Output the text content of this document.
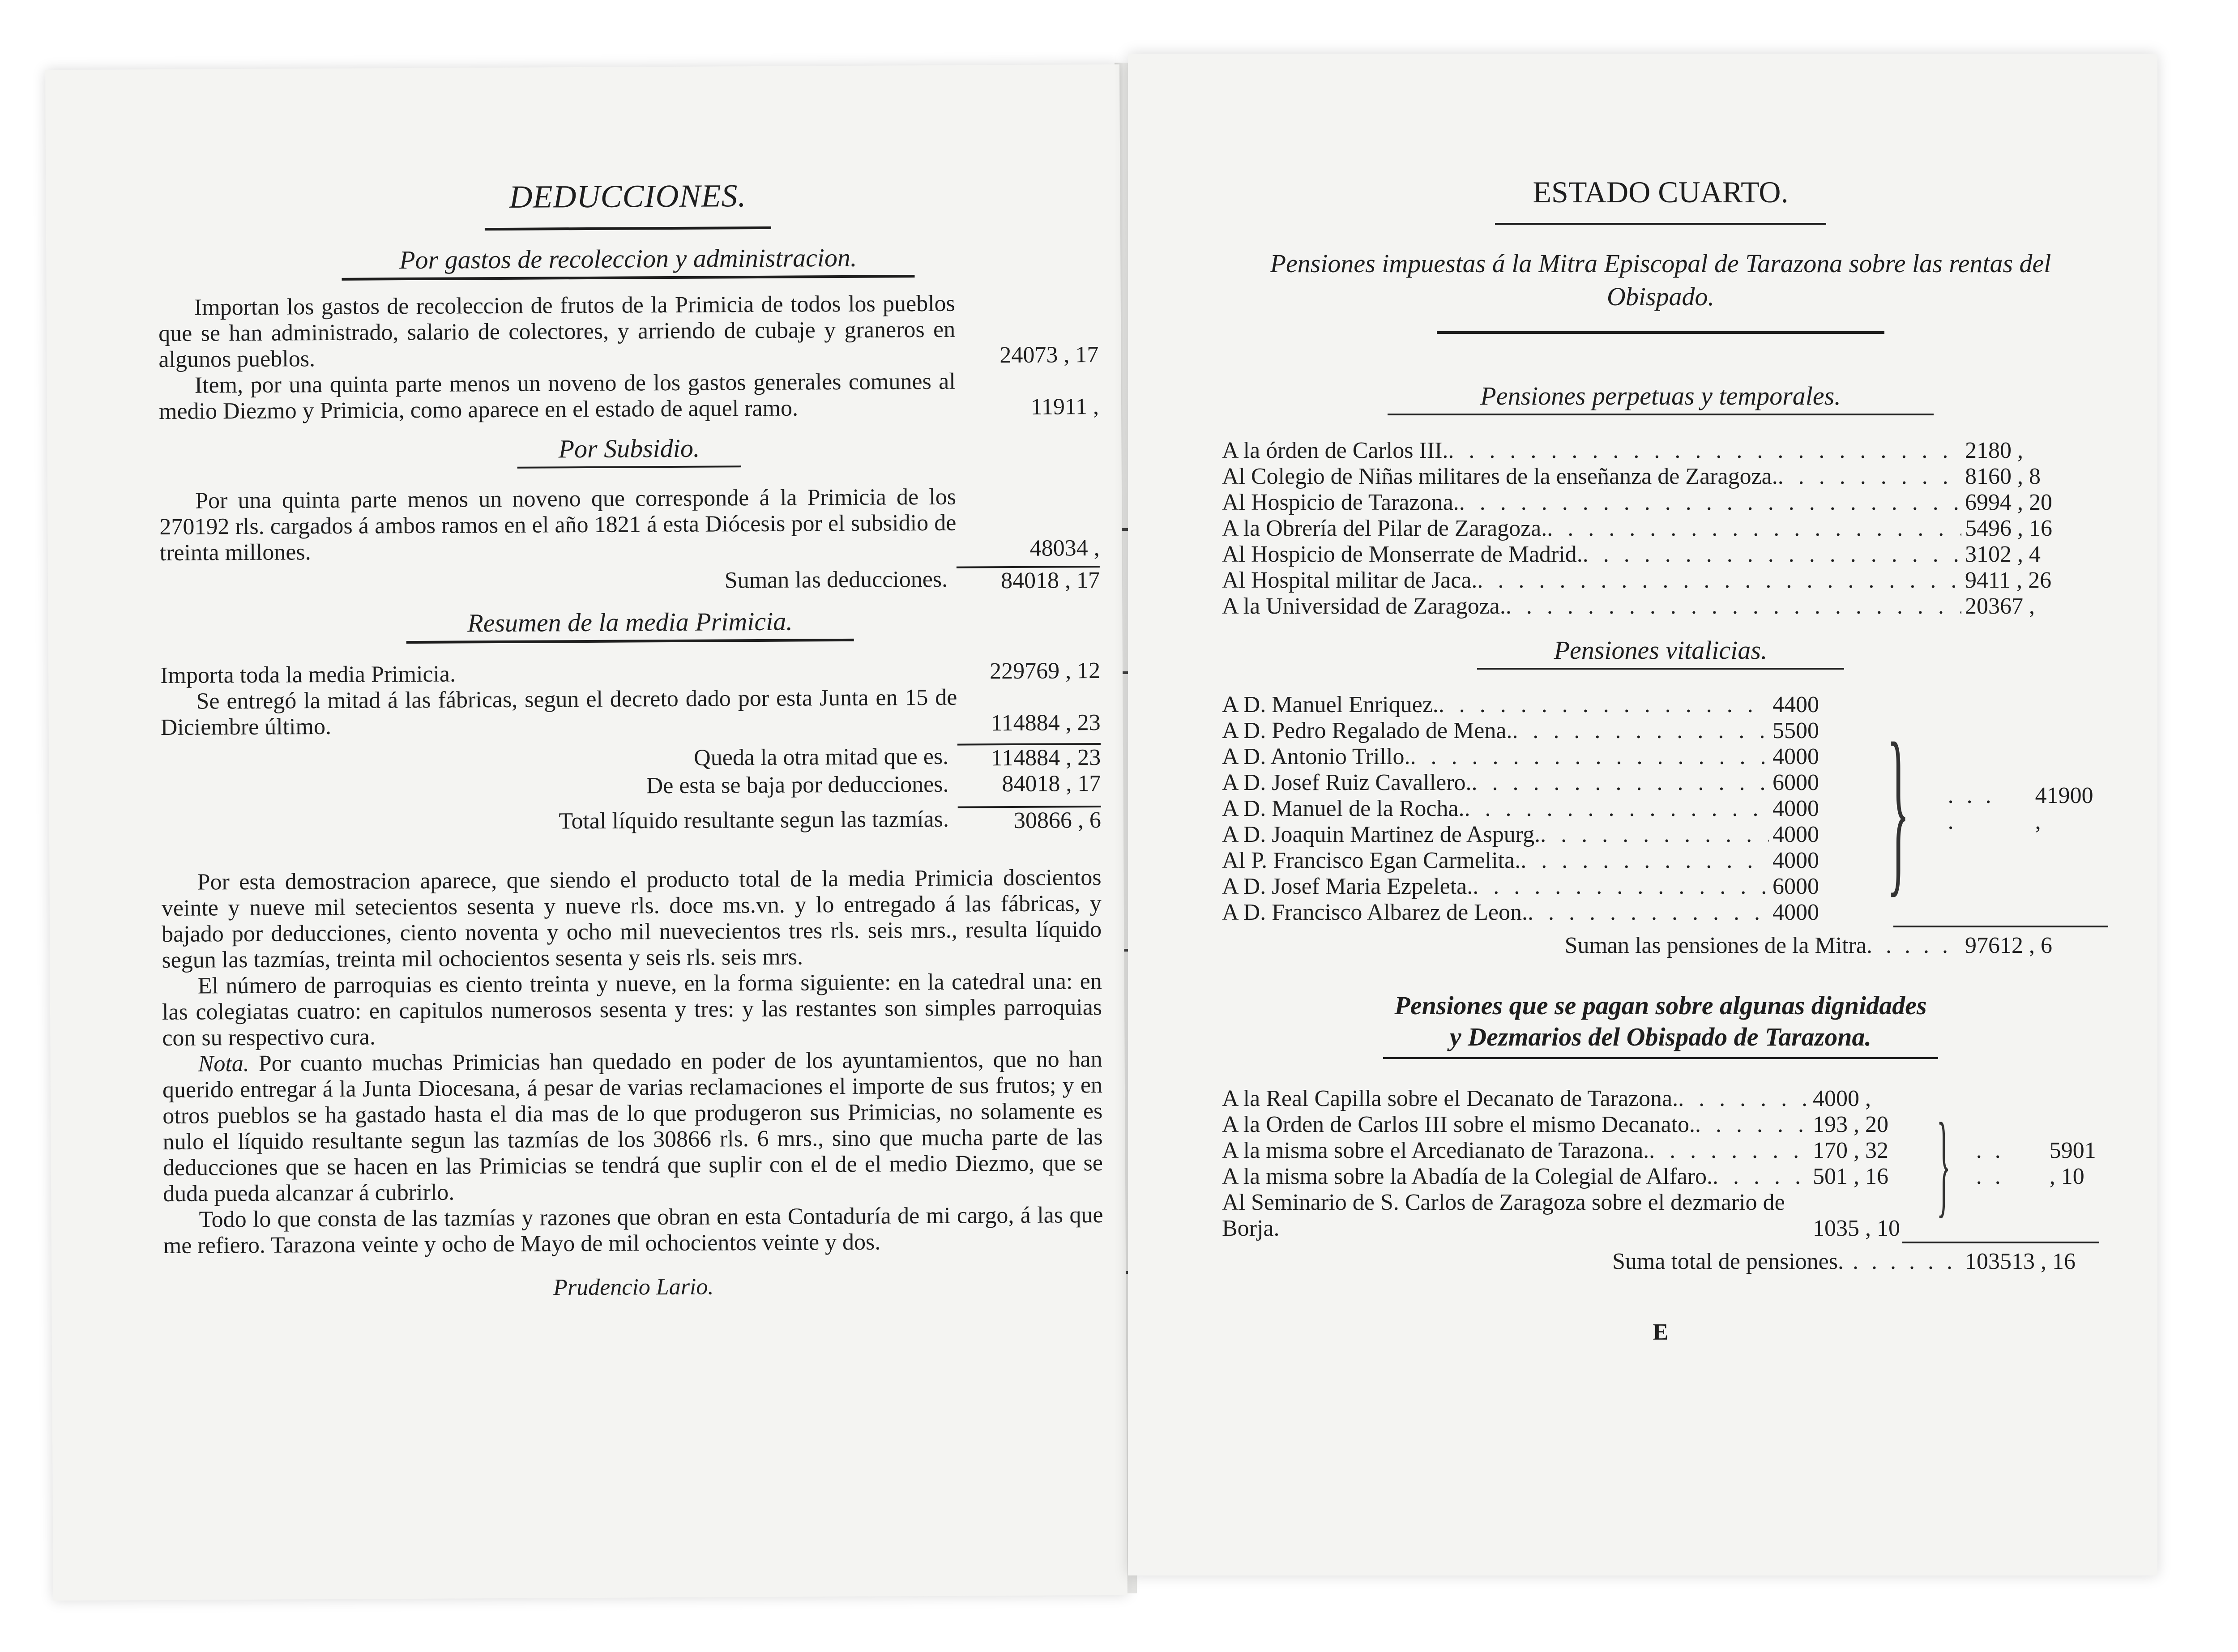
DEDUCCIONES.
Por gastos de recoleccion y administracion.

Importan los gastos de recoleccion de frutos de la Primicia de todos los pueblos que se han administrado, salario de colectores, y arriendo de cubaje y graneros en algunos pueblos.	24073 , 17

Item, por una quinta parte menos un noveno de los gastos generales comunes al medio Diezmo y Primicia, como aparece en el estado de aquel ramo.	11911 ,
Por Subsidio.

Por una quinta parte menos un noveno que corresponde á la Primicia de los 270192 rls. cargados á ambos ramos en el año 1821 á esta Diócesis por el subsidio de treinta millones.	48034 ,
Suman las deducciones.	84018 , 17
Resumen de la media Primicia.
Importa toda la media Primicia.	229769 , 12

Se entregó la mitad á las fábricas, segun el decreto dado por esta Junta en 15 de Diciembre último.	114884 , 23
Queda la otra mitad que es.	114884 , 23
De esta se baja por deducciones.	84018 , 17
Total líquido resultante segun las tazmías.	30866 , 6

Por esta demostracion aparece, que siendo el producto total de la media Primicia doscientos veinte y nueve mil setecientos sesenta y nueve rls. doce ms.vn. y lo entregado á las fábricas, y bajado por deducciones, ciento noventa y ocho mil nuevecientos tres rls. seis mrs., resulta líquido segun las tazmías, treinta mil ochocientos sesenta y seis rls. seis mrs.

El número de parroquias es ciento treinta y nueve, en la forma siguiente: en la catedral una: en las colegiatas cuatro: en capitulos numerosos sesenta y tres: y las restantes son simples parroquias con su respectivo cura.

Nota. Por cuanto muchas Primicias han quedado en poder de los ayuntamientos, que no han querido entregar á la Junta Diocesana, á pesar de varias reclamaciones el importe de sus frutos; y en otros pueblos se ha gastado hasta el dia mas de lo que produgeron sus Primicias, no solamente es nulo el líquido resultante segun las tazmías de los 30866 rls. 6 mrs., sino que mucha parte de las deducciones que se hacen en las Primicias se tendrá que suplir con el de el medio Diezmo, que se duda pueda alcanzar á cubrirlo.

Todo lo que consta de las tazmías y razones que obran en esta Contaduría de mi cargo, á las que me refiero. Tarazona veinte y ocho de Mayo de mil ochocientos veinte y dos.

Prudencio Lario.
ESTADO CUARTO.
Pensiones impuestas á la Mitra Episcopal de Tarazona sobre las rentas del Obispado.
Pensiones perpetuas y temporales.
A la órden de Carlos III. . . .	2180 ,
Al Colegio de Niñas militares de la enseñanza de Zaragoza. . . .	8160 , 8
Al Hospicio de Tarazona. . . .	6994 , 20
A la Obrería del Pilar de Zaragoza. . . .	5496 , 16
Al Hospicio de Monserrate de Madrid. . . .	3102 , 4
Al Hospital militar de Jaca. . . .	9411 , 26
A la Universidad de Zaragoza. . . .	20367 ,
Pensiones vitalicias.
A D. Manuel Enriquez. . . .	4400
A D. Pedro Regalado de Mena. . . .	5500
A D. Antonio Trillo. . . .	4000
A D. Josef Ruiz Cavallero. . . .	6000
A D. Manuel de la Rocha. . . .	4000
A D. Joaquin Martinez de Aspurg. . . .	4000
Al P. Francisco Egan Carmelita. . . .	4000
A D. Josef Maria Ezpeleta. . . .	6000
A D. Francisco Albarez de Leon. . . .	4000 } . . . .
41900 ,
Suman las pensiones de la Mitra. . . . . 97612 , 6
Pensiones que se pagan sobre algunas dignidades
y Dezmarios del Obispado de Tarazona.
A la Real Capilla sobre el Decanato de Tarazona. . . .	4000 ,
A la Orden de Carlos III sobre el mismo Decanato. . . .	193 , 20
A la misma sobre el Arcedianato de Tarazona. . . .	170 , 32
A la misma sobre la Abadía de la Colegial de Alfaro. . . .	501 , 16
Al Seminario de S. Carlos de Zaragoza sobre el dezmario de Borja.	1035 , 10
} . . . .
5901 , 10
Suma total de pensiones. . . . . . . 103513 , 16
E
